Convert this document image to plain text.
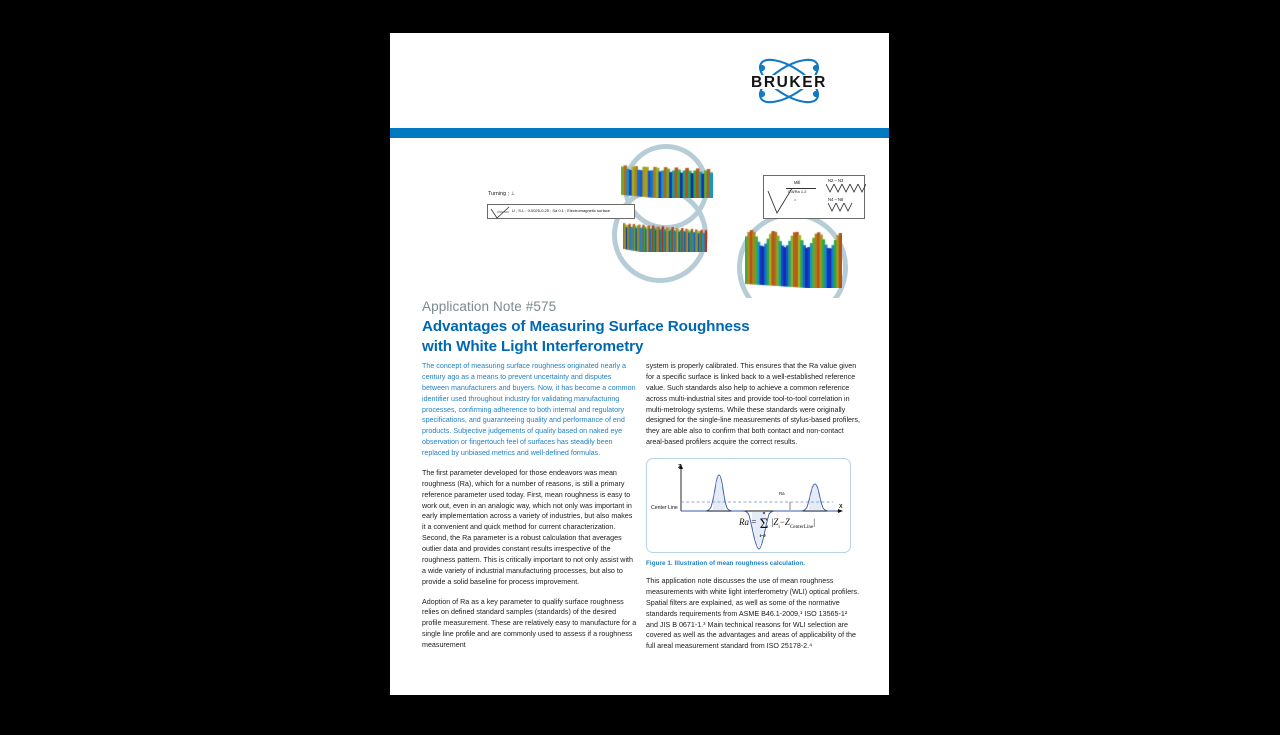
BRUKER
Turning ; ⊥
U ; S-L ; 0.0025-0.25 ; Sa 0.1 ; Electromagnetic surface
Mill
0.8/Ra 1.2
=
N2 – N3
N4 – N6
Application Note #575
Advantages of Measuring Surface Roughness
with White Light Interferometry

The concept of measuring surface roughness originated nearly a century ago as a means to prevent uncertainty and disputes between manufacturers and buyers. Now, it has become a common identifier used throughout industry for validating manufacturing processes, confirming adherence to both internal and regulatory specifications, and guaranteeing quality and performance of end products. Subjective judgements of quality based on naked eye observation or fingertouch feel of surfaces has steadily been replaced by unbiased metrics and well-defined formulas.

The first parameter developed for those endeavors was mean roughness (Ra), which for a number of reasons, is still a primary reference parameter used today. First, mean roughness is easy to work out, even in an analogic way, which not only was important in early implementation across a variety of industries, but also makes it a convenient and quick method for current characterization. Second, the Ra parameter is a robust calculation that averages outlier data and provides constant results irrespective of the roughness pattern. This is critically important to not only assist with a wide variety of industrial manufacturing processes, but also to provide a solid baseline for process improvement.

Adoption of Ra as a key parameter to qualify surface roughness relies on defined standard samples (standards) of the desired profile measurement. These are relatively easy to manufacture for a single line profile and are commonly used to assess if a roughness measurement

system is properly calibrated. This ensures that the Ra value given for a specific surface is linked back to a well-established reference value. Such standards also help to achieve a common reference across multi-industrial sites and provide tool-to-tool correlation in multi-metrology systems. While these standards were originally designed for the single-line measurements of stylus-based profilers, they are able also to confirm that both contact and non-contact areal-based profilers acquire the correct results.

Z
X
Center Line
Ra
Ra = Σ
n
i=0
$|Z_i-Z_{CenterLine}|$
Figure 1. Illustration of mean roughness calculation.

This application note discusses the use of mean roughness measurements with white light interferometry (WLI) optical profilers. Spatial filters are explained, as well as some of the normative standards requirements from ASME B46.1-2009,¹ ISO 13565-1² and JIS B 0671-1.³ Main technical reasons for WLI selection are covered as well as the advantages and areas of applicability of the full areal measurement standard from ISO 25178-2.⁴
